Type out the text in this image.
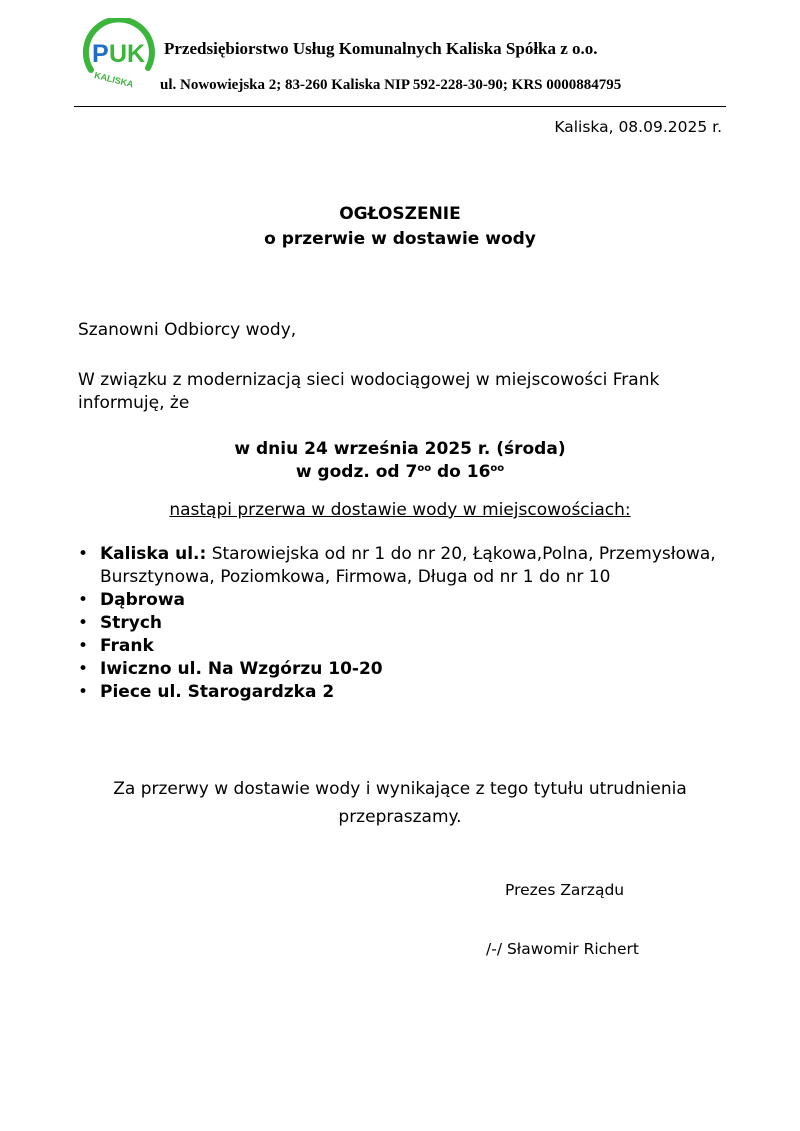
P UK
KALISKA
Przedsiębiorstwo Usług Komunalnych Kaliska Spółka z o.o.
ul. Nowowiejska 2; 83-260 Kaliska NIP 592-228-30-90; KRS 0000884795
Kaliska, 08.09.2025 r.
OGŁOSZENIE
o przerwie w dostawie wody
Szanowni Odbiorcy wody,
W związku z modernizacją sieci wodociągowej w miejscowości Frank informuję, że
w dniu 24 września 2025 r. (środa)
w godz. od $7^{oo}$ do $16^{oo}$
nastąpi przerwa w dostawie wody w miejscowościach:
• Kaliska ul.: Starowiejska od nr 1 do nr 20, Łąkowa,Polna, Przemysłowa, Bursztynowa, Poziomkowa, Firmowa, Długa od nr 1 do nr 10
• Dąbrowa
• Strych
• Frank
• Iwiczno ul. Na Wzgórzu 10-20
• Piece ul. Starogardzka 2
Za przerwy w dostawie wody i wynikające z tego tytułu utrudnienia
przepraszamy.
Prezes Zarządu
/-/ Sławomir Richert
